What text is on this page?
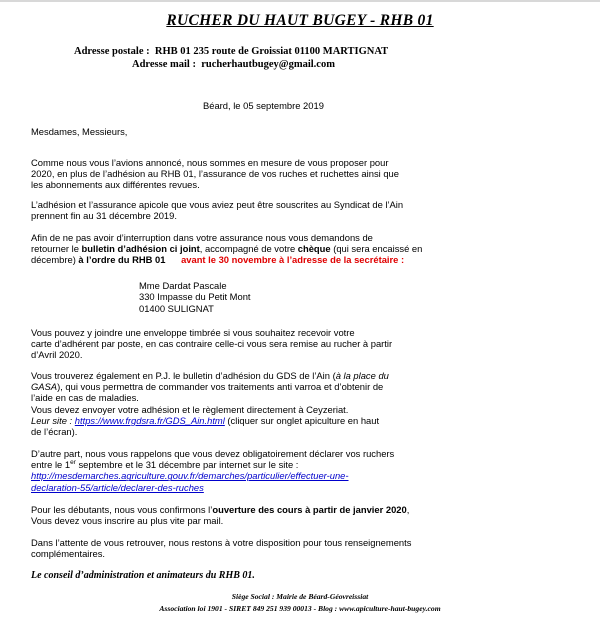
RUCHER DU HAUT BUGEY - RHB 01
Adresse postale : RHB 01 235 route de Groissiat 01100 MARTIGNAT
Adresse mail : rucherhautbugey@gmail.com
Béard, le 05 septembre 2019
Mesdames, Messieurs,
Comme nous vous l’avions annoncé, nous sommes en mesure de vous proposer pour
2020, en plus de l’adhésion au RHB 01, l’assurance de vos ruches et ruchettes ainsi que
les abonnements aux différentes revues.
L’adhésion et l’assurance apicole que vous aviez peut être souscrites au Syndicat de l’Ain
prennent fin au 31 décembre 2019.
Afin de ne pas avoir d’interruption dans votre assurance nous vous demandons de
retourner le bulletin d’adhésion ci joint, accompagné de votre chèque (qui sera encaissé en
décembre) à l’ordre du RHB 01 avant le 30 novembre à l’adresse de la secrétaire :
Mme Dardat Pascale
330 Impasse du Petit Mont
01400 SULIGNAT
Vous pouvez y joindre une enveloppe timbrée si vous souhaitez recevoir votre
carte d’adhérent par poste, en cas contraire celle-ci vous sera remise au rucher à partir
d’Avril 2020.
Vous trouverez également en P.J. le bulletin d’adhésion du GDS de l’Ain (à la place du
GASA), qui vous permettra de commander vos traitements anti varroa et d’obtenir de
l’aide en cas de maladies.
Vous devez envoyer votre adhésion et le règlement directement à Ceyzeriat.
Leur site : https://www.frgdsra.fr/GDS_Ain.html (cliquer sur onglet apiculture en haut
de l’écran).
D’autre part, nous vous rappelons que vous devez obligatoirement déclarer vos ruchers
entre le 1er septembre et le 31 décembre par internet sur le site :
http://mesdemarches.agriculture.gouv.fr/demarches/particulier/effectuer-une-
declaration-55/article/declarer-des-ruches
Pour les débutants, nous vous confirmons l’ouverture des cours à partir de janvier 2020,
Vous devez vous inscrire au plus vite par mail.
Dans l’attente de vous retrouver, nous restons à votre disposition pour tous renseignements
complémentaires.
Le conseil d’administration et animateurs du RHB 01.
Siège Social : Mairie de Béard-Géovreissiat
Association loi 1901 - SIRET 849 251 939 00013 - Blog : www.apiculture-haut-bugey.com
